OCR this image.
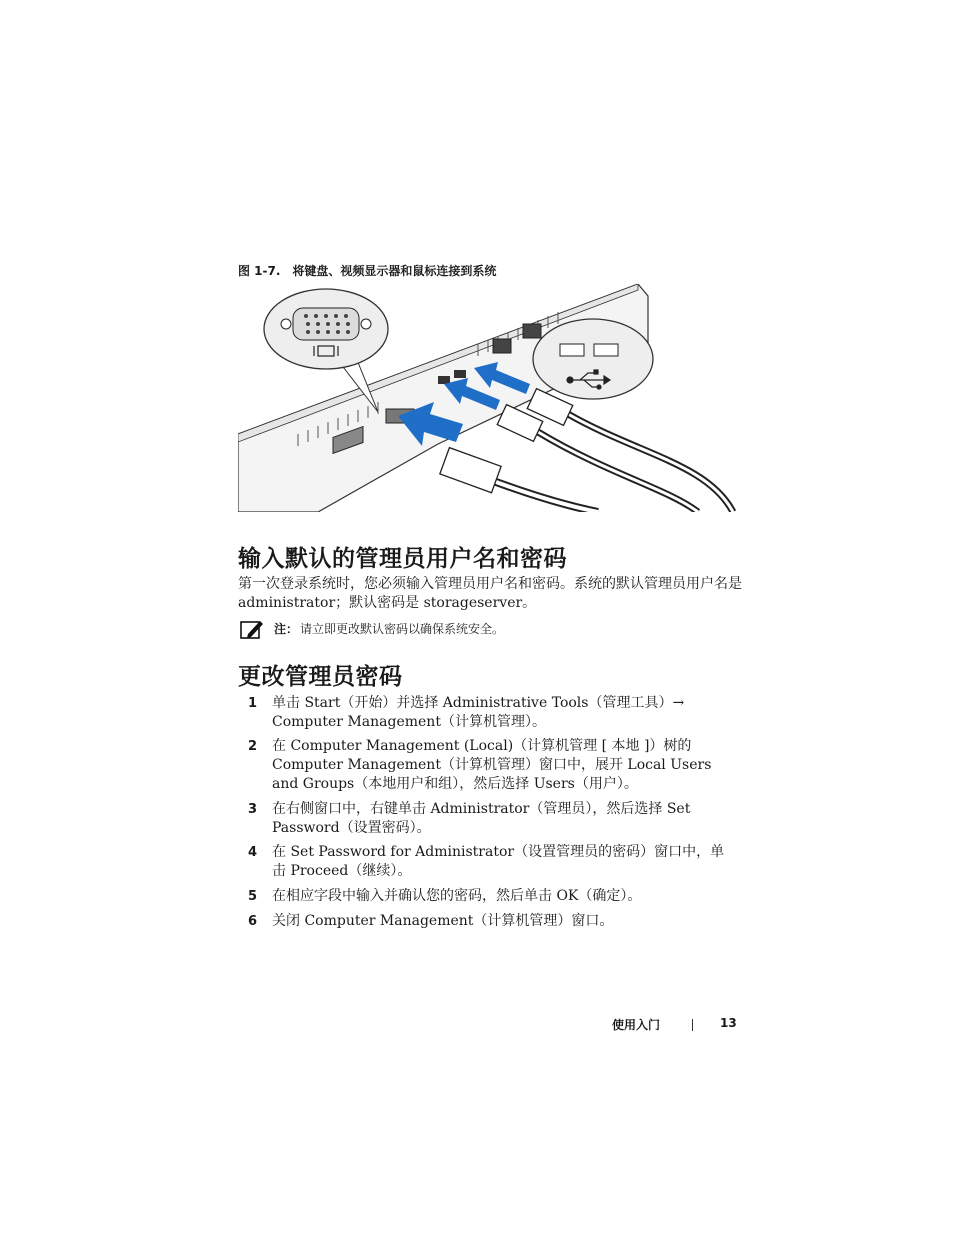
图 1-7. 将键盘、视频显示器和鼠标连接到系统
输入默认的管理员用户名和密码
第一次登录系统时，您必须输入管理员用户名和密码。系统的默认管理员用户名是 administrator；默认密码是 storageserver。
注： 请立即更改默认密码以确保系统安全。
更改管理员密码
1 单击 Start（开始）并选择 Administrative Tools（管理工具）→ Computer Management（计算机管理）。
2 在 Computer Management (Local)（计算机管理 [ 本地 ]）树的 Computer Management（计算机管理）窗口中，展开 Local Users and Groups（本地用户和组），然后选择 Users（用户）。
3 在右侧窗口中，右键单击 Administrator（管理员），然后选择 Set Password（设置密码）。
4 在 Set Password for Administrator（设置管理员的密码）窗口中，单击 Proceed（继续）。
5 在相应字段中输入并确认您的密码，然后单击 OK（确定）。
6 关闭 Computer Management（计算机管理）窗口。
使用入门	13
